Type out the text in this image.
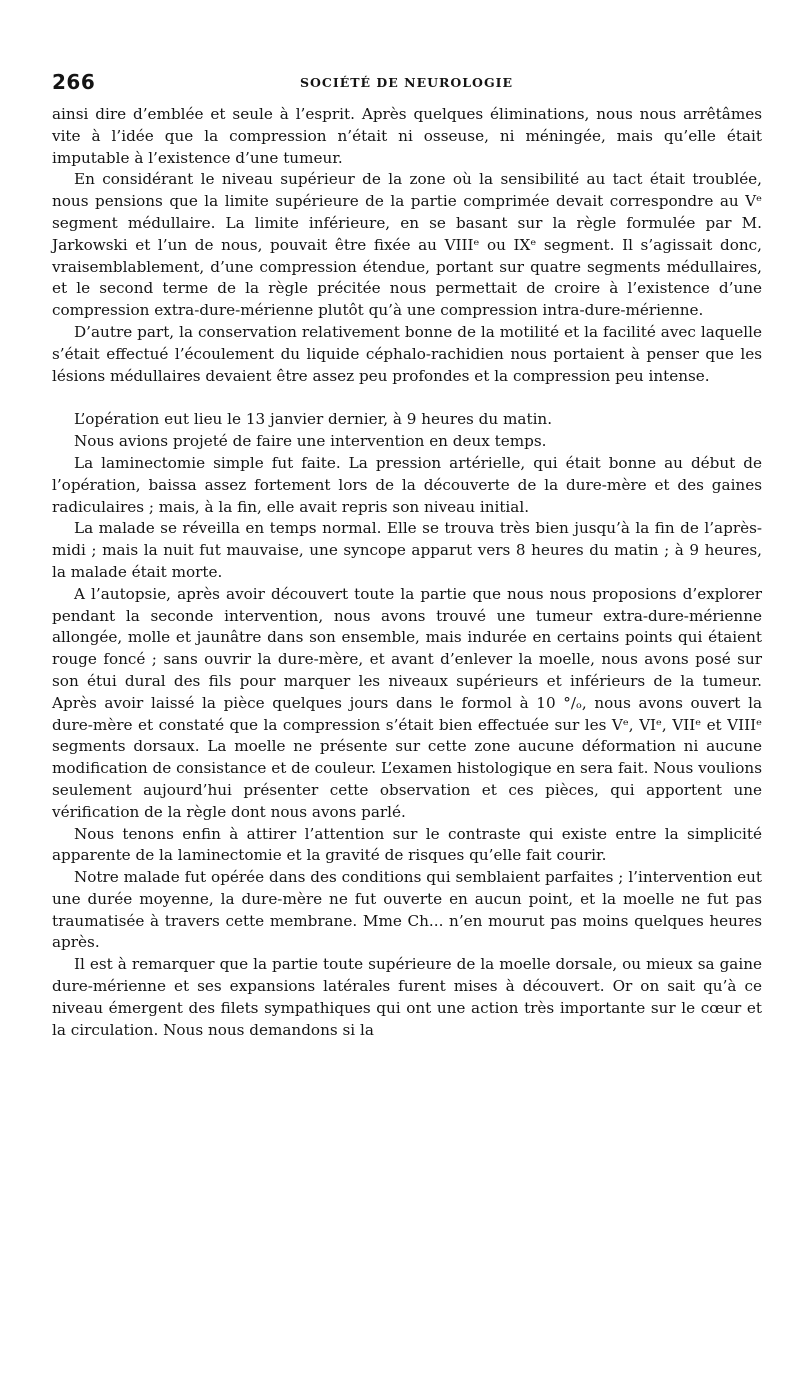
266	SOCIÉTÉ DE NEUROLOGIE

ainsi dire d’emblée et seule à l’esprit. Après quelques éliminations, nous nous arrêtâmes vite à l’idée que la compression n’était ni osseuse, ni méningée, mais qu’elle était imputable à l’existence d’une tumeur.

En considérant le niveau supérieur de la zone où la sensibilité au tact était troublée, nous pensions que la limite supérieure de la partie comprimée devait correspondre au Vᵉ segment médullaire. La limite inférieure, en se basant sur la règle formulée par M. Jarkowski et l’un de nous, pouvait être fixée au VIIIᵉ ou IXᵉ segment. Il s’agissait donc, vraisemblablement, d’une compression étendue, portant sur quatre segments médullaires, et le second terme de la règle précitée nous permettait de croire à l’existence d’une compression extra-dure-mérienne plutôt qu’à une compression intra-dure-mérienne.

D’autre part, la conservation relativement bonne de la motilité et la facilité avec laquelle s’était effectué l’écoulement du liquide céphalo-rachidien nous portaient à penser que les lésions médullaires devaient être assez peu profondes et la compression peu intense.

L’opération eut lieu le 13 janvier dernier, à 9 heures du matin.

Nous avions projeté de faire une intervention en deux temps.

La laminectomie simple fut faite. La pression artérielle, qui était bonne au début de l’opération, baissa assez fortement lors de la découverte de la dure-mère et des gaines radiculaires ; mais, à la fin, elle avait repris son niveau initial.

La malade se réveilla en temps normal. Elle se trouva très bien jusqu’à la fin de l’après-midi ; mais la nuit fut mauvaise, une syncope apparut vers 8 heures du matin ; à 9 heures, la malade était morte.

A l’autopsie, après avoir découvert toute la partie que nous nous proposions d’explorer pendant la seconde intervention, nous avons trouvé une tumeur extra-dure-mérienne allongée, molle et jaunâtre dans son ensemble, mais indurée en certains points qui étaient rouge foncé ; sans ouvrir la dure-mère, et avant d’enlever la moelle, nous avons posé sur son étui dural des fils pour marquer les niveaux supérieurs et inférieurs de la tumeur. Après avoir laissé la pièce quelques jours dans le formol à 10 °/ₒ, nous avons ouvert la dure-mère et constaté que la compression s’était bien effectuée sur les Vᵉ, VIᵉ, VIIᵉ et VIIIᵉ segments dorsaux. La moelle ne présente sur cette zone aucune déformation ni aucune modification de consistance et de couleur. L’examen histologique en sera fait. Nous voulions seulement aujourd’hui présenter cette observation et ces pièces, qui apportent une vérification de la règle dont nous avons parlé.

Nous tenons enfin à attirer l’attention sur le contraste qui existe entre la simplicité apparente de la laminectomie et la gravité de risques qu’elle fait courir.

Notre malade fut opérée dans des conditions qui semblaient parfaites ; l’intervention eut une durée moyenne, la dure-mère ne fut ouverte en aucun point, et la moelle ne fut pas traumatisée à travers cette membrane. Mme Ch... n’en mourut pas moins quelques heures après.

Il est à remarquer que la partie toute supérieure de la moelle dorsale, ou mieux sa gaine dure-mérienne et ses expansions latérales furent mises à découvert. Or on sait qu’à ce niveau émergent des filets sympathiques qui ont une action très importante sur le cœur et la circulation. Nous nous demandons si la
